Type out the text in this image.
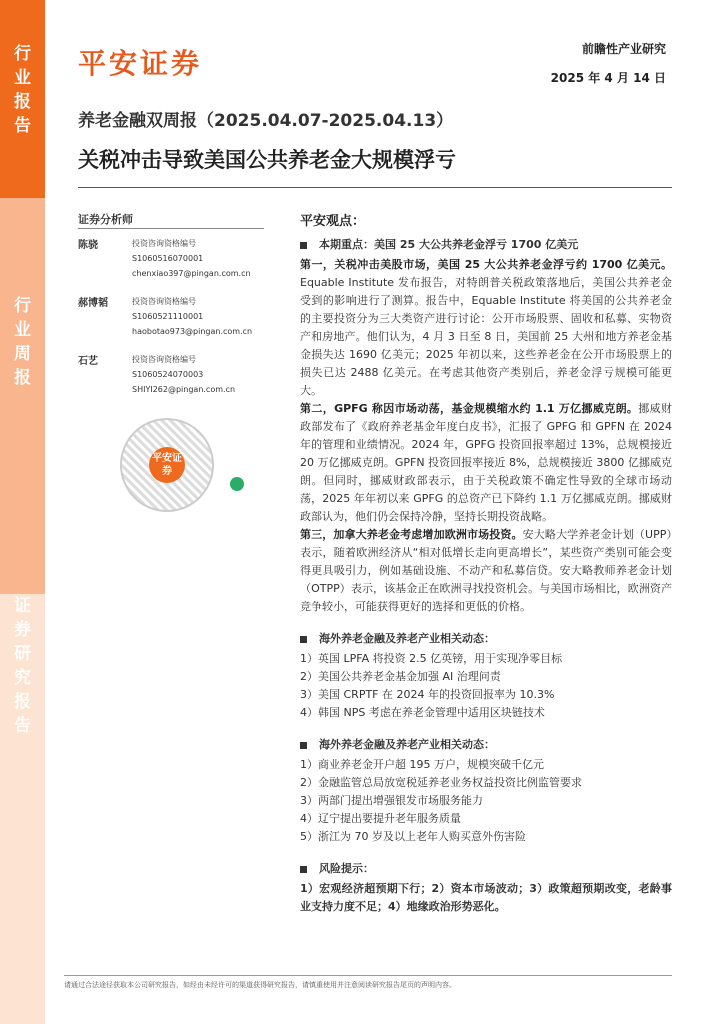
行业报告
行业周报
证券研究报告
平安证券	前瞻性产业研究
2025 年 4 月 14 日
养老金融双周报（2025.04.07-2025.04.13）
关税冲击导致美国公共养老金大规模浮亏
证券分析师
陈骁	投资咨询资格编号
S1060516070001
chenxiao397@pingan.com.cn
郝博韬	投资咨询资格编号
S1060521110001
haobotao973@pingan.com.cn
石艺	投资咨询资格编号
S1060524070003
SHIYI262@pingan.com.cn
平安证券
平安观点：
本期重点：美国 25 大公共养老金浮亏 1700 亿美元

第一，关税冲击美股市场，美国 25 大公共养老金浮亏约 1700 亿美元。Equable Institute 发布报告，对特朗普关税政策落地后，美国公共养老金受到的影响进行了测算。报告中，Equable Institute 将美国的公共养老金的主要投资分为三大类资产进行讨论：公开市场股票、固收和私募、实物资产和房地产。他们认为，4 月 3 日至 8 日，美国前 25 大州和地方养老金基金损失达 1690 亿美元；2025 年初以来，这些养老金在公开市场股票上的损失已达 2488 亿美元。在考虑其他资产类别后，养老金浮亏规模可能更大。

第二，GPFG 称因市场动荡，基金规模缩水约 1.1 万亿挪威克朗。挪威财政部发布了《政府养老基金年度白皮书》，汇报了 GPFG 和 GPFN 在 2024 年的管理和业绩情况。2024 年，GPFG 投资回报率超过 13%，总规模接近 20 万亿挪威克朗。GPFN 投资回报率接近 8%，总规模接近 3800 亿挪威克朗。但同时，挪威财政部表示，由于关税政策不确定性导致的全球市场动荡，2025 年年初以来 GPFG 的总资产已下降约 1.1 万亿挪威克朗。挪威财政部认为，他们仍会保持冷静，坚持长期投资战略。

第三，加拿大养老金考虑增加欧洲市场投资。安大略大学养老金计划（UPP）表示，随着欧洲经济从“相对低增长走向更高增长”，某些资产类别可能会变得更具吸引力，例如基础设施、不动产和私募信贷。安大略教师养老金计划（OTPP）表示，该基金正在欧洲寻找投资机会。与美国市场相比，欧洲资产竞争较小，可能获得更好的选择和更低的价格。

海外养老金融及养老产业相关动态：
1）英国 LPFA 将投资 2.5 亿英镑，用于实现净零目标
2）美国公共养老金基金加强 AI 治理问责
3）美国 CRPTF 在 2024 年的投资回报率为 10.3%
4）韩国 NPS 考虑在养老金管理中适用区块链技术
海外养老金融及养老产业相关动态：
1）商业养老金开户超 195 万户，规模突破千亿元
2）金融监管总局放宽税延养老业务权益投资比例监管要求
3）两部门提出增强银发市场服务能力
4）辽宁提出要提升老年服务质量
5）浙江为 70 岁及以上老年人购买意外伤害险
风险提示：

1）宏观经济超预期下行；2）资本市场波动；3）政策超预期改变，老龄事业支持力度不足；4）地缘政治形势恶化。

请通过合法途径获取本公司研究报告，如经由未经许可的渠道获得研究报告，请慎重使用并注意阅读研究报告尾页的声明内容。
